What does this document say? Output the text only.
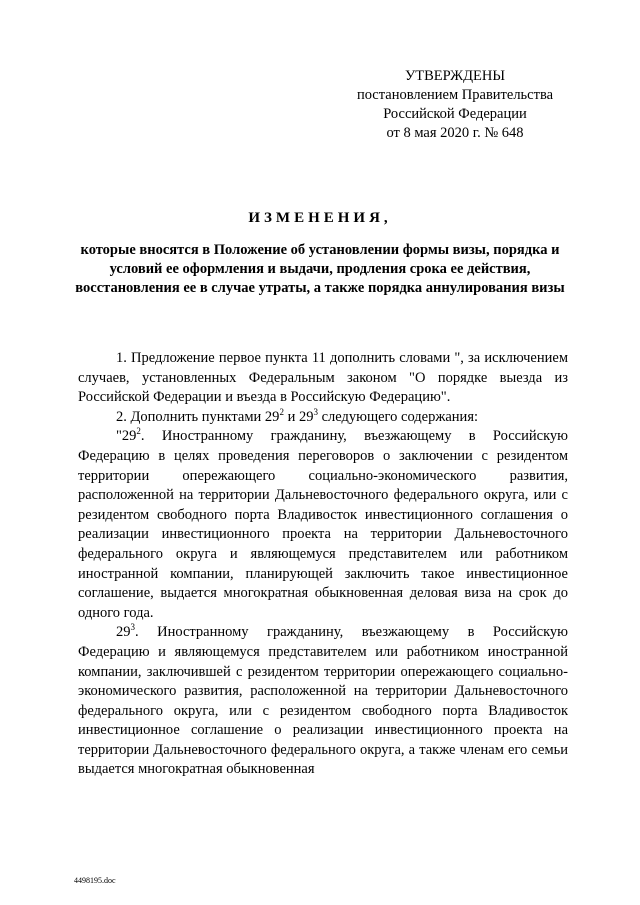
УТВЕРЖДЕНЫ
постановлением Правительства
Российской Федерации
от 8 мая 2020 г. № 648
ИЗМЕНЕНИЯ,
которые вносятся в Положение об установлении формы визы, порядка и условий ее оформления и выдачи, продления срока ее действия, восстановления ее в случае утраты, а также порядка аннулирования визы

1. Предложение первое пункта 11 дополнить словами ", за исключением случаев, установленных Федеральным законом "О порядке выезда из Российской Федерации и въезда в Российскую Федерацию".

2. Дополнить пунктами $29^2$ и $29^3$ следующего содержания:

"$29^2$. Иностранному гражданину, въезжающему в Российскую Федерацию в целях проведения переговоров о заключении с резидентом территории опережающего социально-экономического развития, расположенной на территории Дальневосточного федерального округа, или с резидентом свободного порта Владивосток инвестиционного соглашения о реализации инвестиционного проекта на территории Дальневосточного федерального округа и являющемуся представителем или работником иностранной компании, планирующей заключить такое инвестиционное соглашение, выдается многократная обыкновенная деловая виза на срок до одного года.

$29^3$. Иностранному гражданину, въезжающему в Российскую Федерацию и являющемуся представителем или работником иностранной компании, заключившей с резидентом территории опережающего социально-экономического развития, расположенной на территории Дальневосточного федерального округа, или с резидентом свободного порта Владивосток инвестиционное соглашение о реализации инвестиционного проекта на территории Дальневосточного федерального округа, а также членам его семьи выдается многократная обыкновенная

4498195.doc
